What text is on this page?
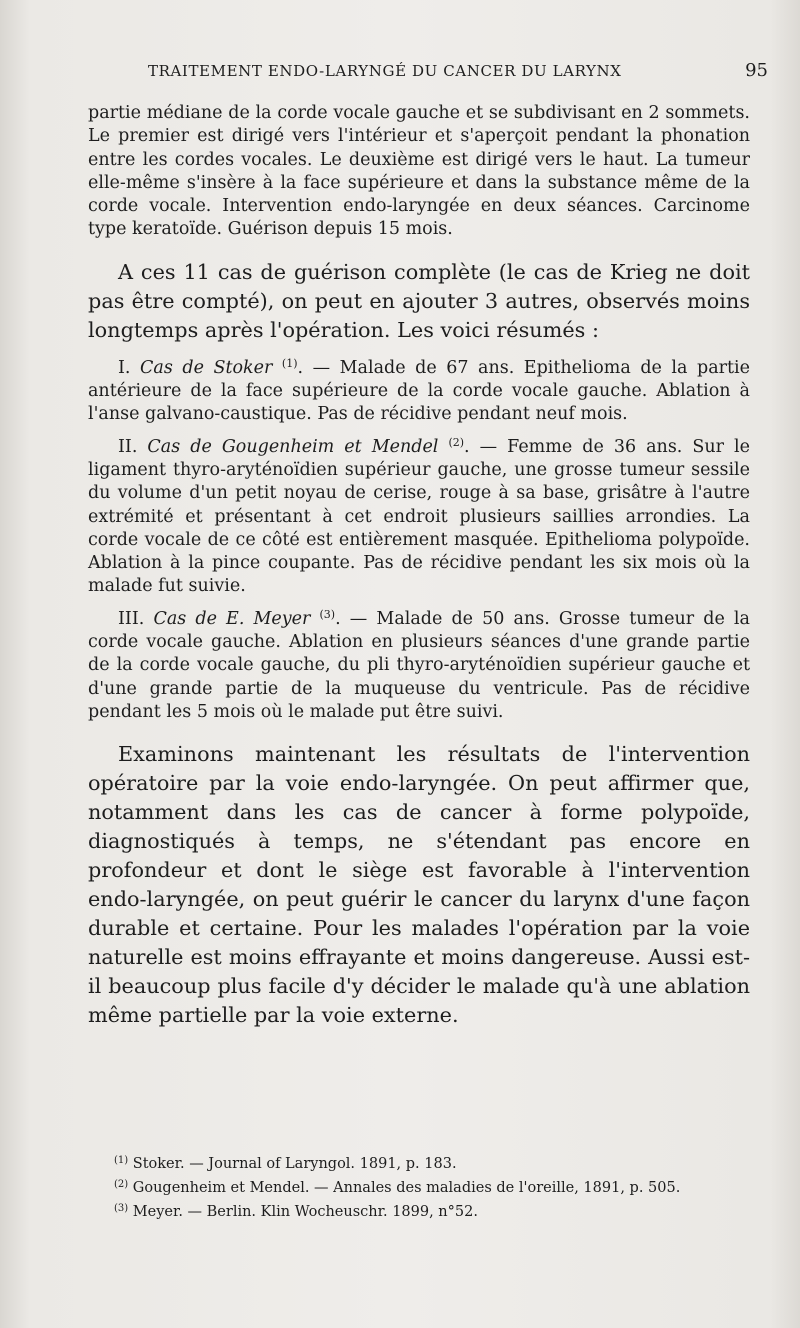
TRAITEMENT ENDO-LARYNGÉ DU CANCER DU LARYNX	95

partie médiane de la corde vocale gauche et se subdivisant en 2 sommets. Le premier est dirigé vers l'intérieur et s'aperçoit pendant la phonation entre les cordes vocales. Le deuxième est dirigé vers le haut. La tumeur elle-même s'insère à la face supérieure et dans la substance même de la corde vocale. Intervention endo-laryngée en deux séances. Carcinome type keratoïde. Guérison depuis 15 mois.

A ces 11 cas de guérison complète (le cas de Krieg ne doit pas être compté), on peut en ajouter 3 autres, observés moins longtemps après l'opération. Les voici résumés :

I. Cas de Stoker $^{(1)}$. — Malade de 67 ans. Epithelioma de la partie antérieure de la face supérieure de la corde vocale gauche. Ablation à l'anse galvano-caustique. Pas de récidive pendant neuf mois.

II. Cas de Gougenheim et Mendel $^{(2)}$. — Femme de 36 ans. Sur le ligament thyro-aryténoïdien supérieur gauche, une grosse tumeur sessile du volume d'un petit noyau de cerise, rouge à sa base, grisâtre à l'autre extrémité et présentant à cet endroit plusieurs saillies arrondies. La corde vocale de ce côté est entièrement masquée. Epithelioma polypoïde. Ablation à la pince coupante. Pas de récidive pendant les six mois où la malade fut suivie.

III. Cas de E. Meyer $^{(3)}$. — Malade de 50 ans. Grosse tumeur de la corde vocale gauche. Ablation en plusieurs séances d'une grande partie de la corde vocale gauche, du pli thyro-aryténoïdien supérieur gauche et d'une grande partie de la muqueuse du ventricule. Pas de récidive pendant les 5 mois où le malade put être suivi.

Examinons maintenant les résultats de l'intervention opératoire par la voie endo-laryngée. On peut affirmer que, notamment dans les cas de cancer à forme polypoïde, diagnostiqués à temps, ne s'étendant pas encore en profondeur et dont le siège est favorable à l'intervention endo-laryngée, on peut guérir le cancer du larynx d'une façon durable et certaine. Pour les malades l'opération par la voie naturelle est moins effrayante et moins dangereuse. Aussi est-il beaucoup plus facile d'y décider le malade qu'à une ablation même partielle par la voie externe.

$^{(1)}$ Stoker. — Journal of Laryngol. 1891, p. 183.
$^{(2)}$ Gougenheim et Mendel. — Annales des maladies de l'oreille, 1891, p. 505.
$^{(3)}$ Meyer. — Berlin. Klin Wocheuschr. 1899, n°52.
